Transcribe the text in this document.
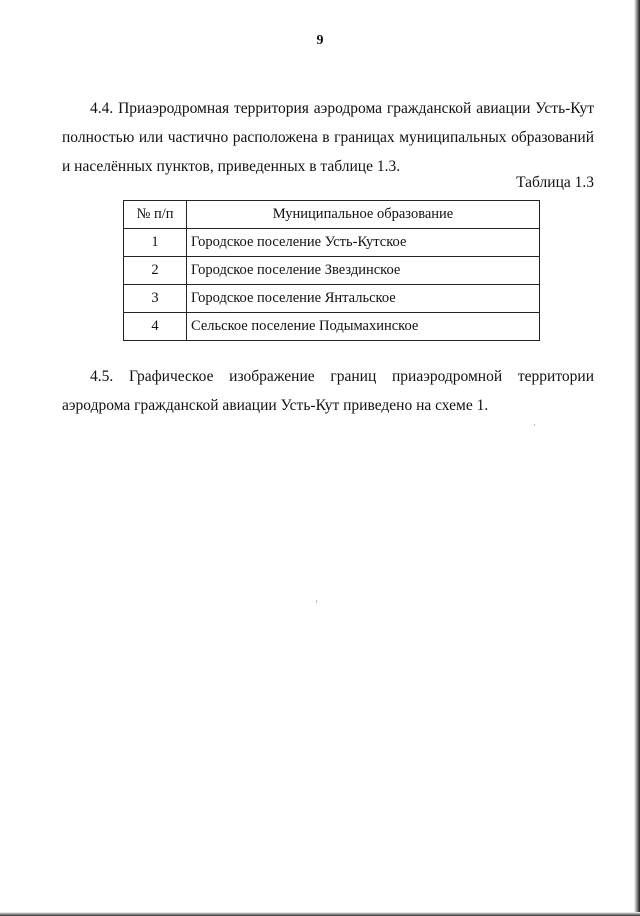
9

4.4. Приаэродромная территория аэродрома гражданской авиации Усть-Кут полностью или частично расположена в границах муниципальных образований и населённых пунктов, приведенных в таблице 1.3.

Таблица 1.3
№ п/п	Муниципальное образование
1	Городское поселение Усть-Кутское
2	Городское поселение Звездинское
3	Городское поселение Янтальское
4	Сельское поселение Подымахинское

4.5. Графическое изображение границ приаэродромной территории аэродрома гражданской авиации Усть-Кут приведено на схеме 1.
